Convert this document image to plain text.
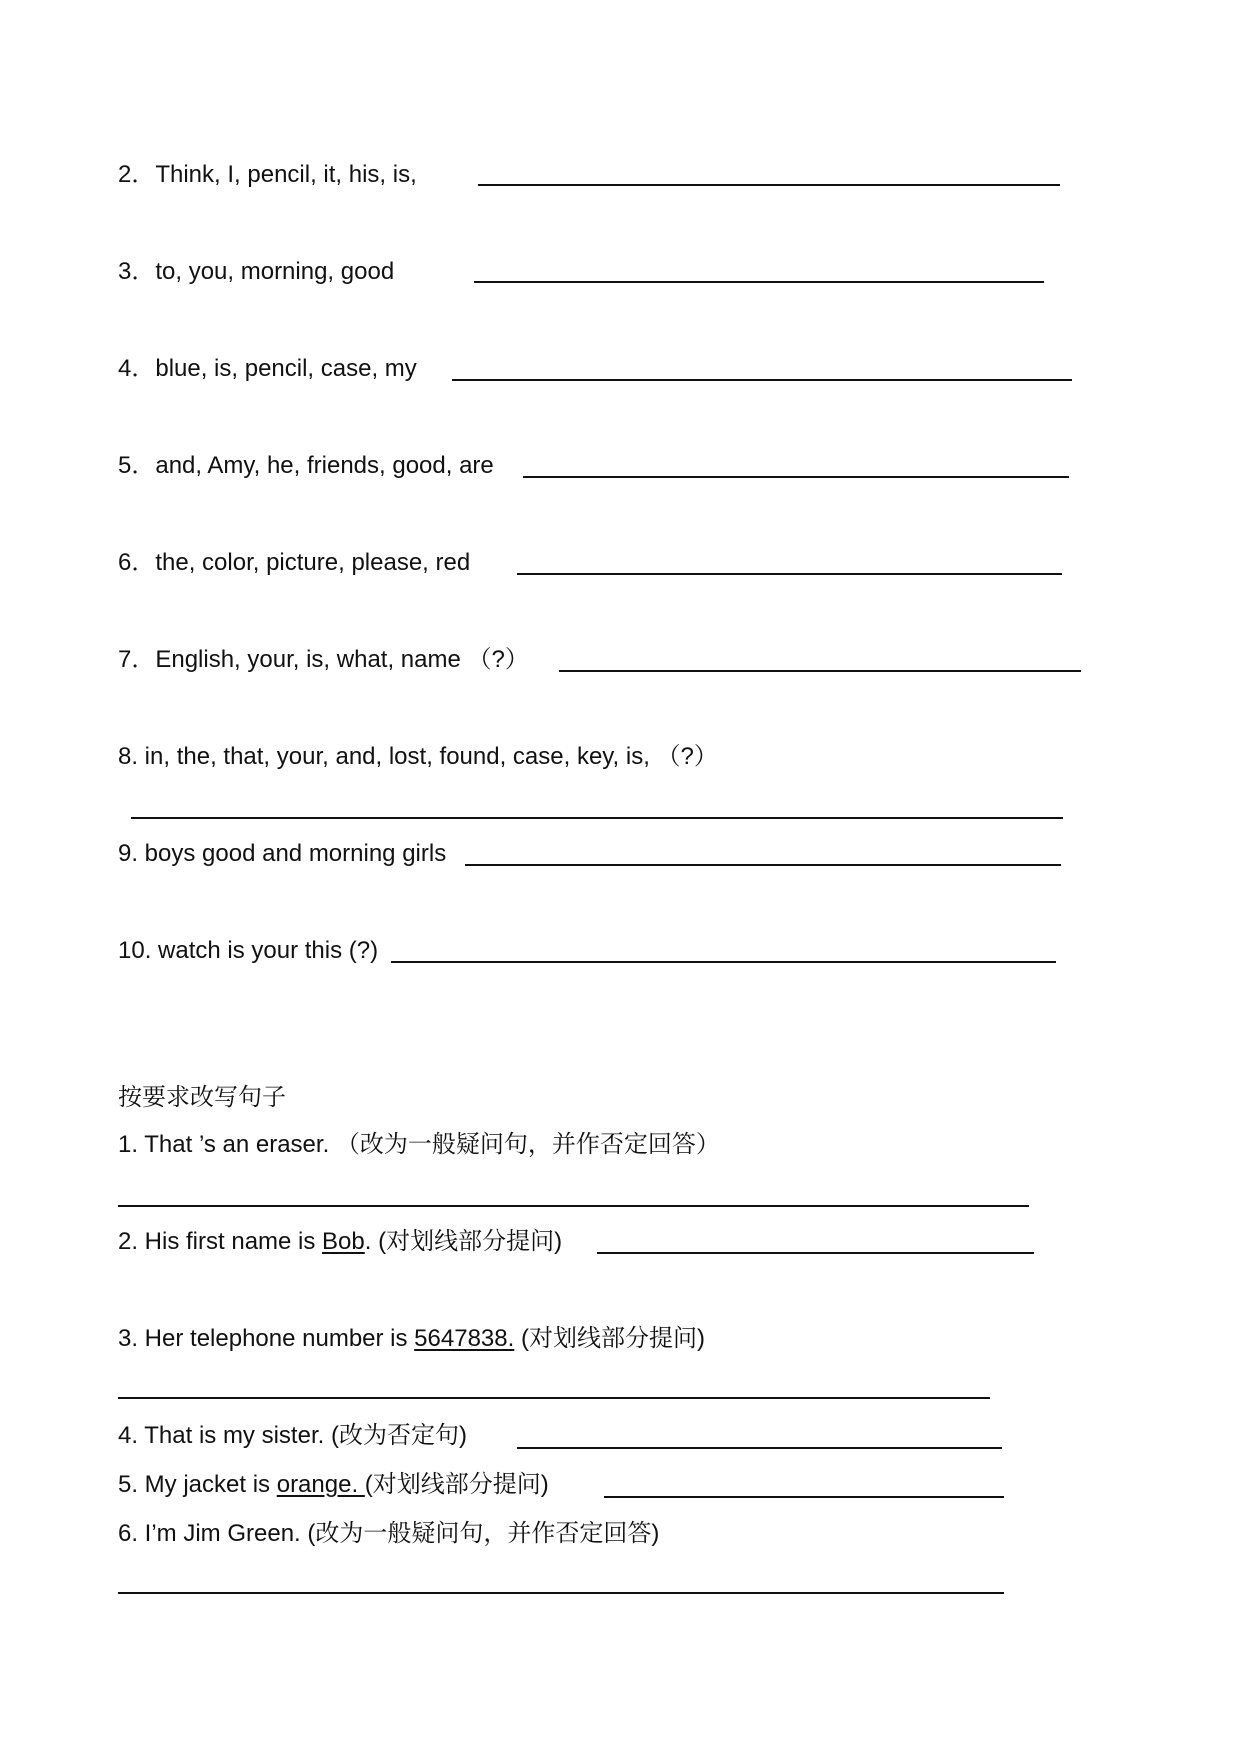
2．Think, I, pencil, it, his, is,
3．to, you, morning, good
4．blue, is, pencil, case, my
5．and, Amy, he, friends, good, are
6．the, color, picture, please, red
7．English, your, is, what, name （?）
8. in, the, that, your, and, lost, found, case, key, is, （?）
9. boys good and morning girls
10. watch is your this (?)
按要求改写句子
1. That ’s an eraser. （改为一般疑问句，并作否定回答）
2. His first name is Bob. (对划线部分提问)
3. Her telephone number is 5647838. (对划线部分提问)
4. That is my sister. (改为否定句)
5. My jacket is orange. (对划线部分提问)
6. I’m Jim Green. (改为一般疑问句，并作否定回答)
